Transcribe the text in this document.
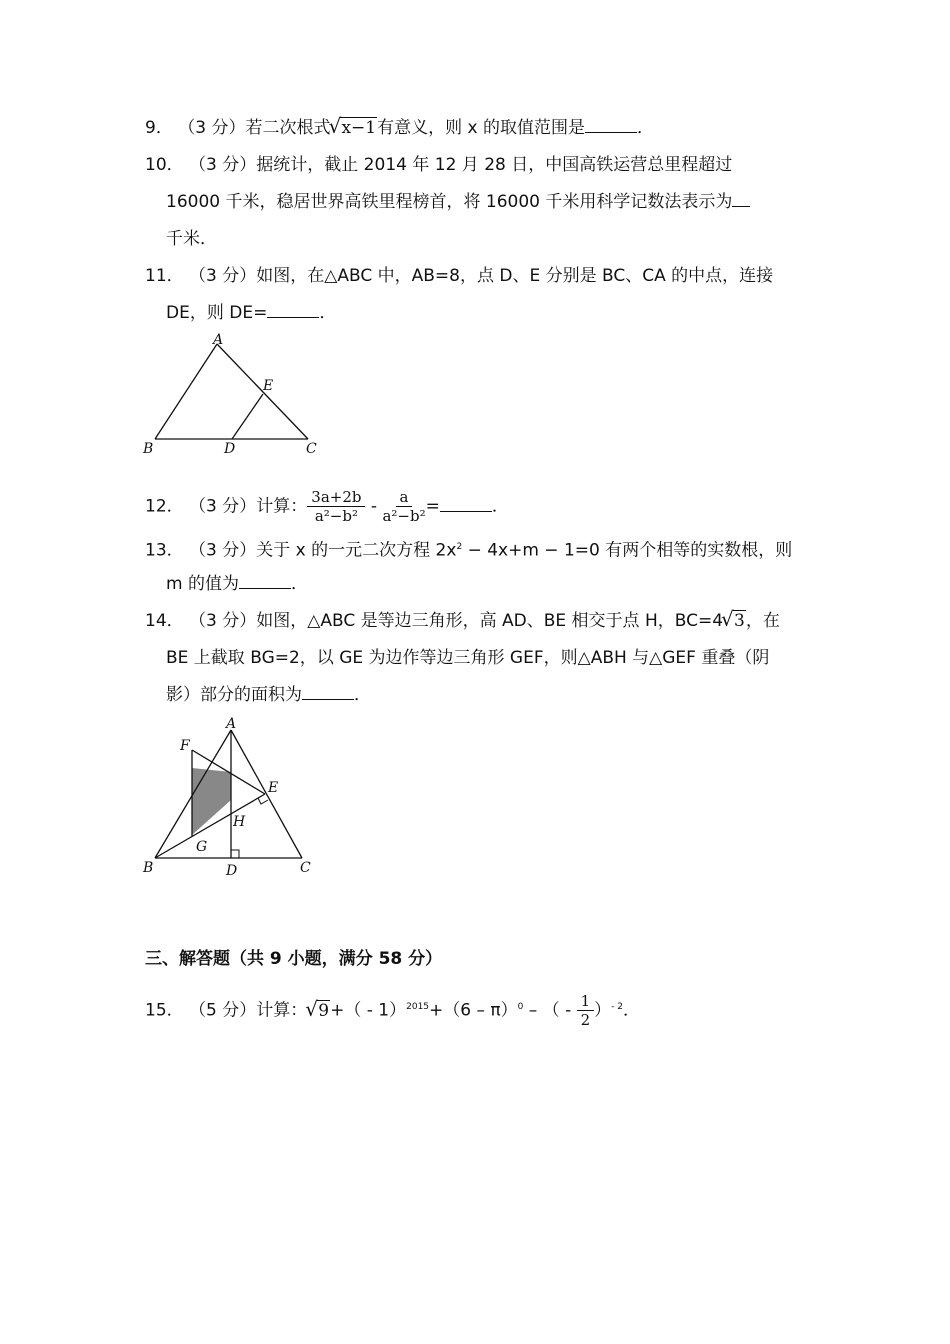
9． （3 分）若二次根式 √ x−1有意义，则 x 的取值范围是	．
10． （3 分）据统计，截止 2014 年 12 月 28 日，中国高铁运营总里程超过
16000 千米，稳居世界高铁里程榜首，将 16000 千米用科学记数法表示为
千米．
11． （3 分）如图，在△ABC 中，AB=8，点 D、E 分别是 BC、CA 的中点，连接
DE，则 DE=	．
A
B	C
D
E
12． （3 分）计算： $\frac{3a+2b}{\text{a²−b²}} - \frac{a}{\text{a²−b²}}$ =	．
13． （3 分）关于 x 的一元二次方程 $2x^2 - 4x+m - 1=0$ 有两个相等的实数根，则
m 的值为	．
14． （3 分）如图，△ABC 是等边三角形，高 AD、BE 相交于点 H，BC=4 √ 3，在
BE 上截取 BG=2，以 GE 为边作等边三角形 GEF，则△ABH 与△GEF 重叠（阴
影）部分的面积为	．
A
B	C
D
E
F
G
H
三、解答题（共 9 小题，满分 58 分）
15． （5 分）计算： √ 9+（ - 1）$^{2015}$+（6 – π）$^0$ – （ - $\frac{1}{2} )^{- 2}$．
